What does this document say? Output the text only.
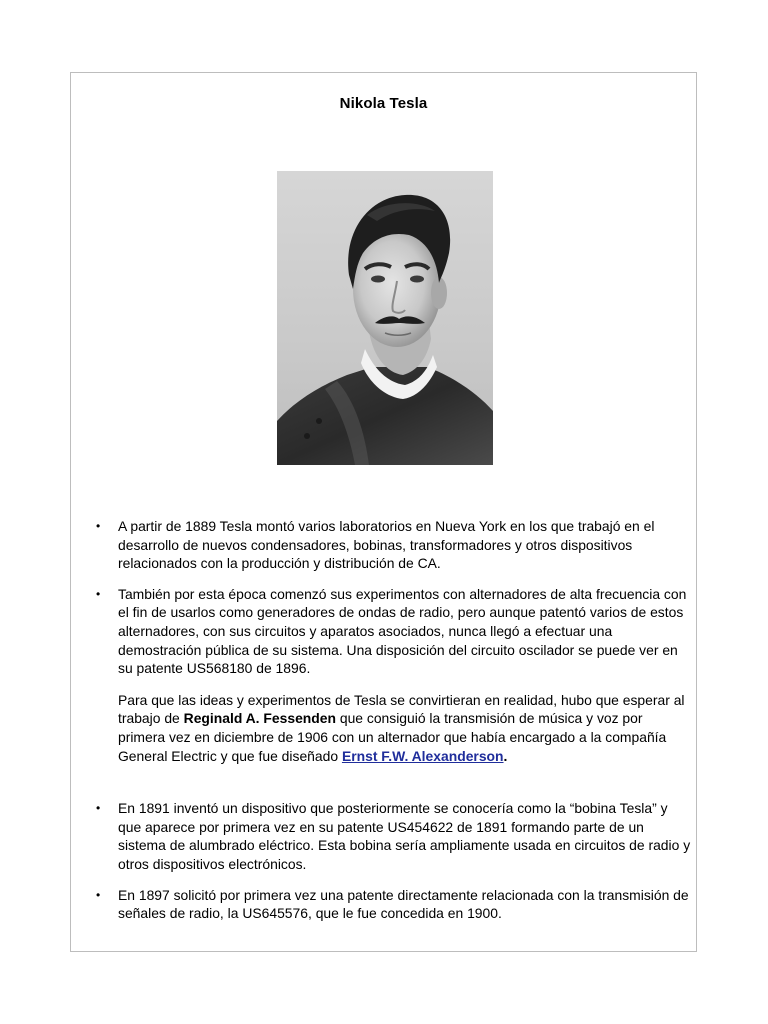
Nikola Tesla
• A partir de 1889 Tesla montó varios laboratorios en Nueva York en los que trabajó en el desarrollo de nuevos condensadores, bobinas, transformadores y otros dispositivos relacionados con la producción y distribución de CA.
• También por esta época comenzó sus experimentos con alternadores de alta frecuencia con el fin de usarlos como generadores de ondas de radio, pero aunque patentó varios de estos alternadores, con sus circuitos y aparatos asociados, nunca llegó a efectuar una demostración pública de su sistema. Una disposición del circuito oscilador se puede ver en su patente US568180 de 1896.
Para que las ideas y experimentos de Tesla se convirtieran en realidad, hubo que esperar al trabajo de Reginald A. Fessenden que consiguió la transmisión de música y voz por primera vez en diciembre de 1906 con un alternador que había encargado a la compañía General Electric y que fue diseñado Ernst F.W. Alexanderson.
• En 1891 inventó un dispositivo que posteriormente se conocería como la “bobina Tesla” y que aparece por primera vez en su patente US454622 de 1891 formando parte de un sistema de alumbrado eléctrico. Esta bobina sería ampliamente usada en circuitos de radio y otros dispositivos electrónicos.
• En 1897 solicitó por primera vez una patente directamente relacionada con la transmisión de señales de radio, la US645576, que le fue concedida en 1900.
